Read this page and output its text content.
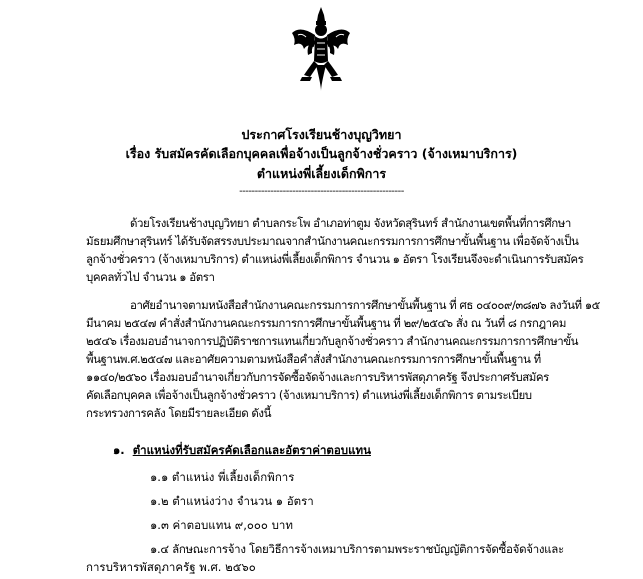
ประกาศโรงเรียนช้างบุญวิทยา
เรื่อง รับสมัครคัดเลือกบุคคลเพื่อจ้างเป็นลูกจ้างชั่วคราว (จ้างเหมาบริการ)
ตำแหน่งพี่เลี้ยงเด็กพิการ
-----------------------------------------------------
ด้วยโรงเรียนช้างบุญวิทยา ตำบลกระโพ อำเภอท่าตูม จังหวัดสุรินทร์ สำนักงานเขตพื้นที่การศึกษา
มัธยมศึกษาสุรินทร์ ได้รับจัดสรรงบประมาณจากสำนักงานคณะกรรมการการศึกษาขั้นพื้นฐาน เพื่อจัดจ้างเป็น
ลูกจ้างชั่วคราว (จ้างเหมาบริการ) ตำแหน่งพี่เลี้ยงเด็กพิการ จำนวน ๑ อัตรา โรงเรียนจึงจะดำเนินการรับสมัคร
บุคคลทั่วไป จำนวน ๑ อัตรา
อาศัยอำนาจตามหนังสือสำนักงานคณะกรรมการการศึกษาขั้นพื้นฐาน ที่ ศธ ๐๔๐๐๙/๓๘๗๖ ลงวันที่ ๑๕
มีนาคม ๒๕๔๗ คำสั่งสำนักงานคณะกรรมการการศึกษาขั้นพื้นฐาน ที่ ๒๙/๒๕๔๖ สั่ง ณ วันที่ ๘ กรกฎาคม
๒๕๔๖ เรื่องมอบอำนาจการปฏิบัติราชการแทนเกี่ยวกับลูกจ้างชั่วคราว สำนักงานคณะกรรมการการศึกษาขั้น
พื้นฐานพ.ศ.๒๕๔๗ และอาศัยความตามหนังสือคำสั่งสำนักงานคณะกรรมการการศึกษาขั้นพื้นฐาน ที่
๑๑๔๐/๒๕๖๐ เรื่องมอบอำนาจเกี่ยวกับการจัดซื้อจัดจ้างและการบริหารพัสดุภาครัฐ จึงประกาศรับสมัคร
คัดเลือกบุคคล เพื่อจ้างเป็นลูกจ้างชั่วคราว (จ้างเหมาบริการ) ตำแหน่งพี่เลี้ยงเด็กพิการ ตามระเบียบ
กระทรวงการคลัง โดยมีรายละเอียด ดังนี้
๑. ตำแหน่งที่รับสมัครคัดเลือกและอัตราค่าตอบแทน
๑.๑ ตำแหน่ง พี่เลี้ยงเด็กพิการ
๑.๒ ตำแหน่งว่าง จำนวน ๑ อัตรา
๑.๓ ค่าตอบแทน ๙,๐๐๐ บาท
๑.๔ ลักษณะการจ้าง โดยวิธีการจ้างเหมาบริการตามพระราชบัญญัติการจัดซื้อจัดจ้างและ
การบริหารพัสดุภาครัฐ พ.ศ. ๒๕๖๐
